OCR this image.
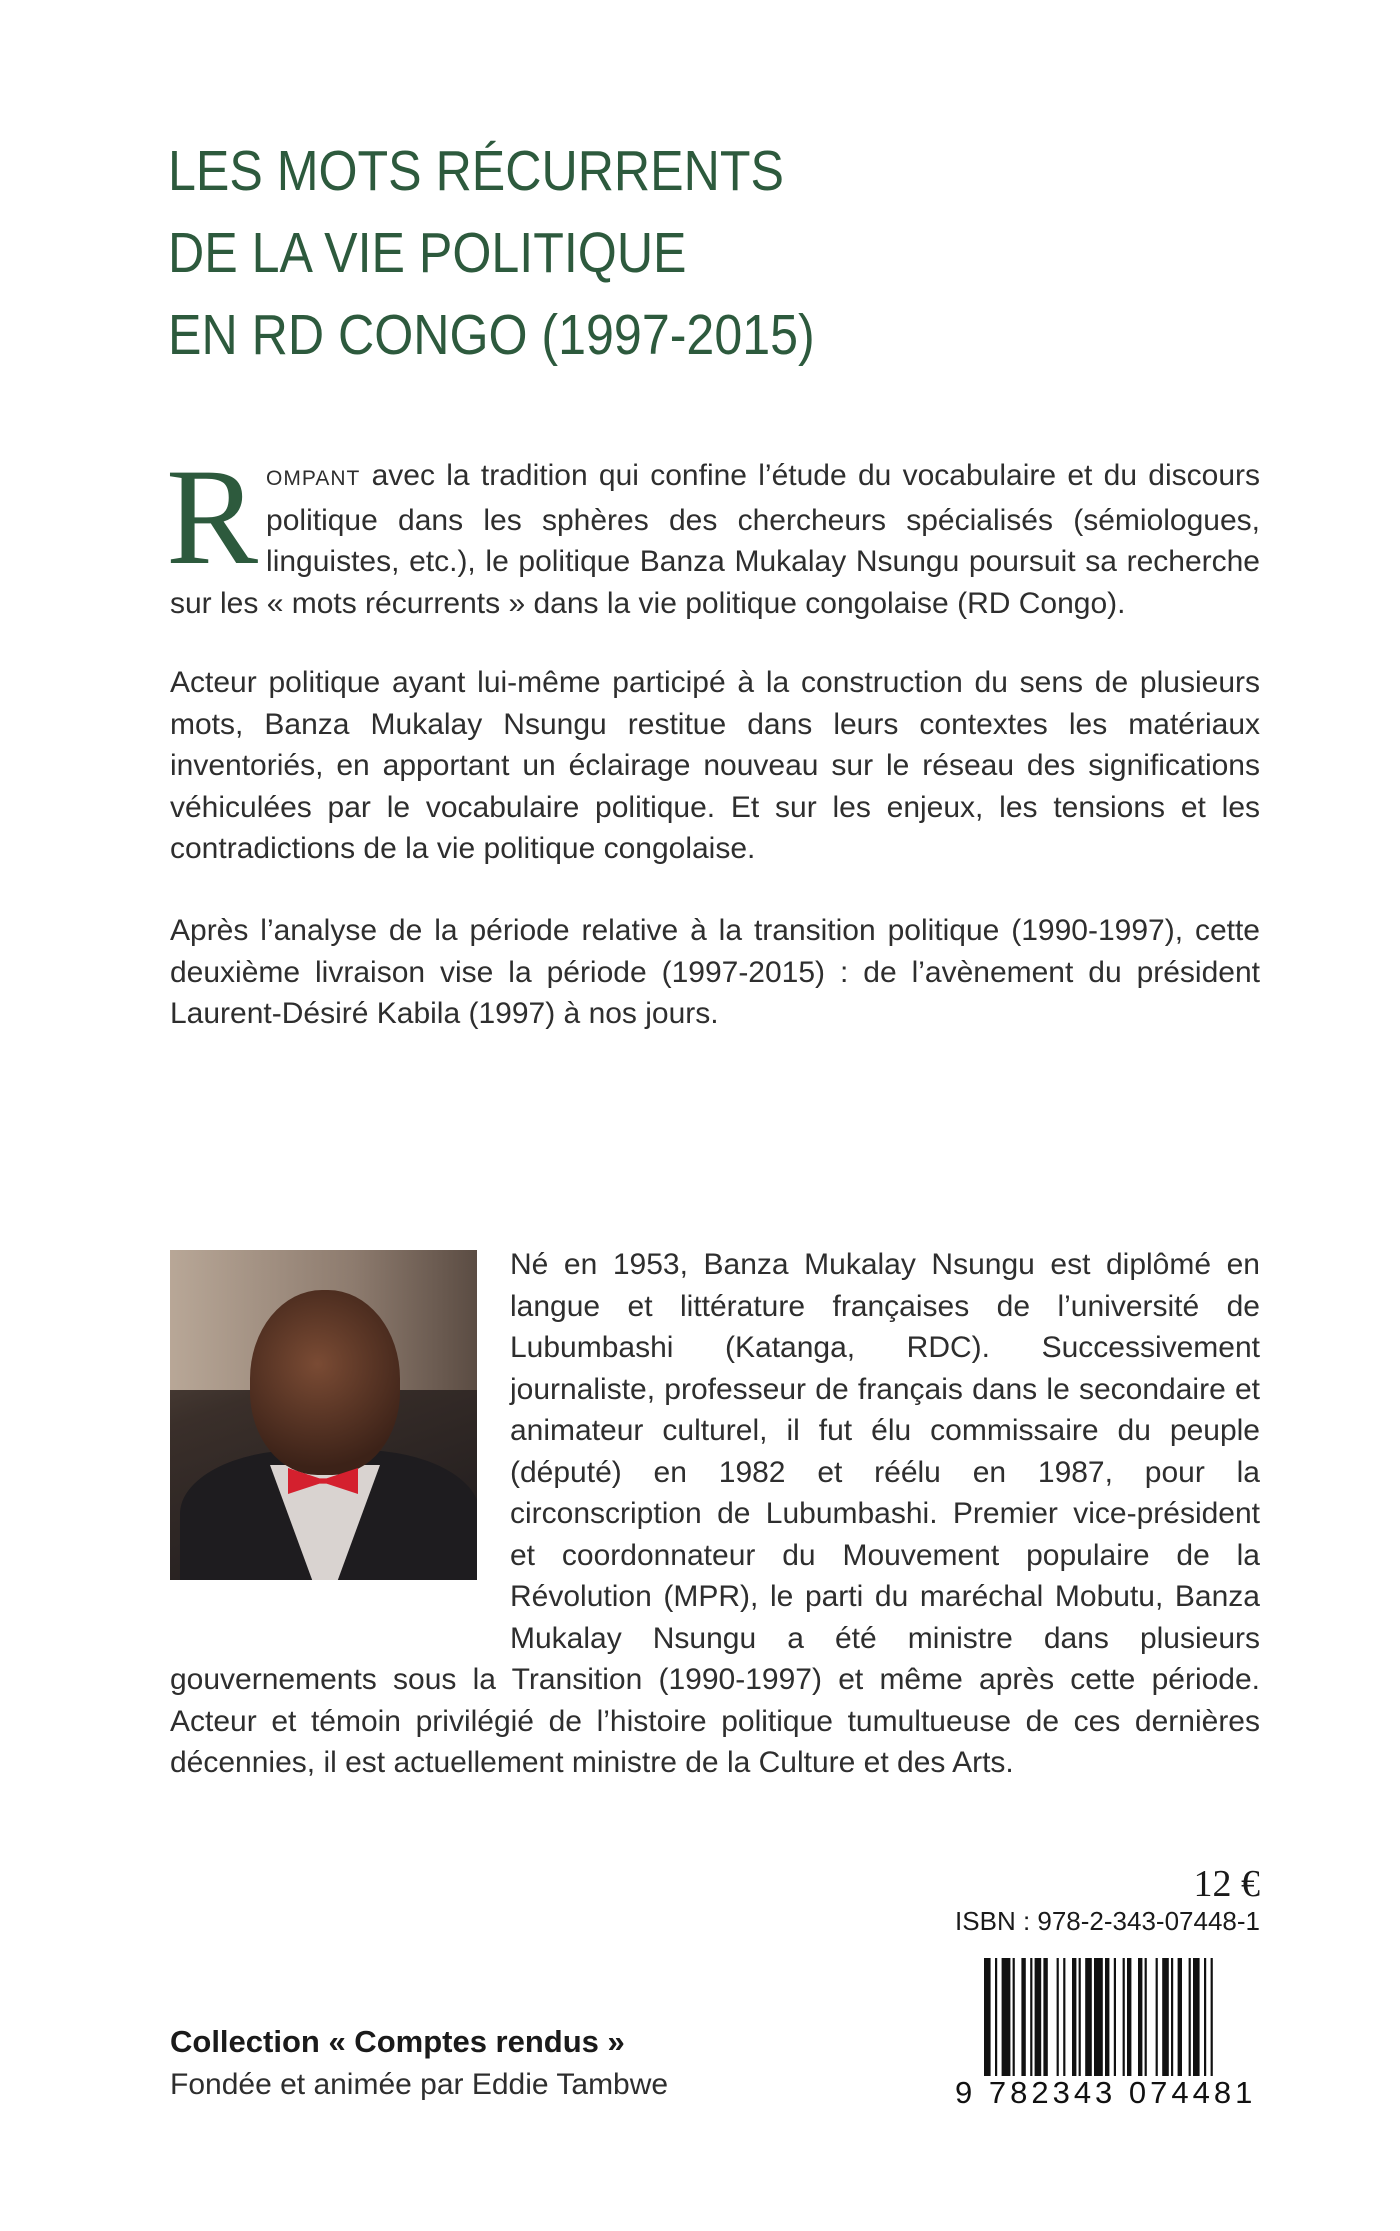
LES MOTS RÉCURRENTS
DE LA VIE POLITIQUE
EN RD CONGO (1997-2015)

ROMPANT avec la tradition qui confine l’étude du vocabulaire et du discours politique dans les sphères des chercheurs spécialisés (sémiologues, linguistes, etc.), le politique Banza Mukalay Nsungu poursuit sa recherche sur les « mots récurrents » dans la vie politique congolaise (RD Congo).

Acteur politique ayant lui-même participé à la construction du sens de plusieurs mots, Banza Mukalay Nsungu restitue dans leurs contextes les matériaux inventoriés, en apportant un éclairage nouveau sur le réseau des significations véhiculées par le vocabulaire politique. Et sur les enjeux, les tensions et les contradictions de la vie politique congolaise.

Après l’analyse de la période relative à la transition politique (1990-1997), cette deuxième livraison vise la période (1997-2015) : de l’avènement du président Laurent-Désiré Kabila (1997) à nos jours.

Né en 1953, Banza Mukalay Nsungu est diplômé en langue et littérature françaises de l’université de Lubumbashi (Katanga, RDC). Successivement journaliste, professeur de français dans le secondaire et animateur culturel, il fut élu commissaire du peuple (député) en 1982 et réélu en 1987, pour la circonscription de Lubumbashi. Premier vice-président et coordonnateur du Mouvement populaire de la Révolution (MPR), le parti du maréchal Mobutu, Banza Mukalay Nsungu a été ministre dans plusieurs gouvernements sous la Transition (1990-1997) et même après cette période. Acteur et témoin privilégié de l’histoire politique tumultueuse de ces dernières décennies, il est actuellement ministre de la Culture et des Arts.

12 €
ISBN : 978-2-343-07448-1
9 782343 074481
Collection « Comptes rendus »
Fondée et animée par Eddie Tambwe
